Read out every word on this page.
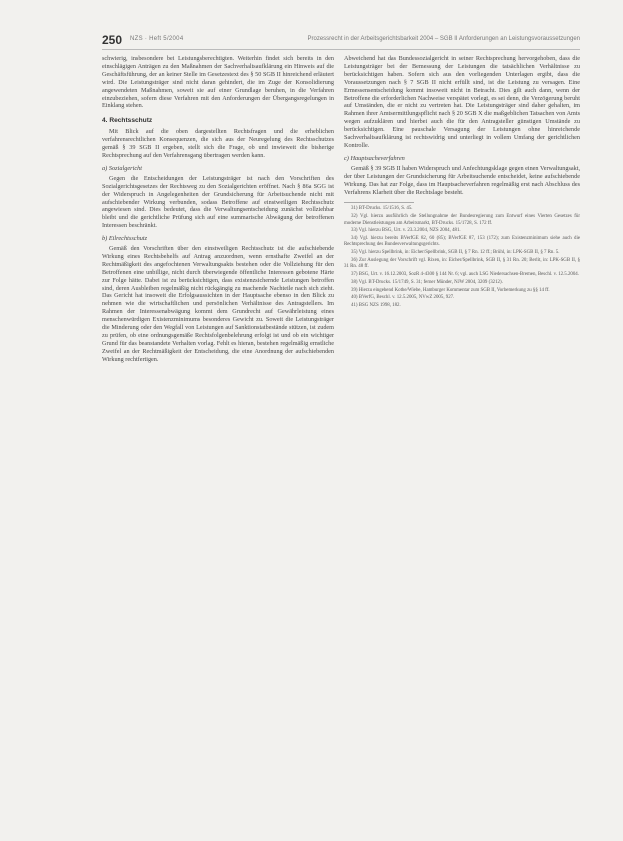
250 NZS · Heft 5/2004	Prozessrecht in der Arbeitsgerichtsbarkeit 2004 – SGB II Anforderungen an Leistungsvoraussetzungen

schwierig, insbesondere bei Leistungsberechtigten. Weiterhin findet sich bereits in den einschlägigen Anträgen zu den Maßnahmen der Sachverhaltsaufklärung ein Hinweis auf die Geschäftsführung, der an keiner Stelle im Gesetzestext des § 50 SGB II hinreichend erläutert wird. Die Leistungsträger sind nicht daran gehindert, die im Zuge der Konsolidierung angewendeten Maßnahmen, soweit sie auf einer Grundlage beruhen, in die Verfahren einzubeziehen, sofern diese Verfahren mit den Anforderungen der Übergangsregelungen in Einklang stehen.

4. Rechtsschutz

Mit Blick auf die oben dargestellten Rechtsfragen und die erheblichen verfahrensrechtlichen Konsequenzen, die sich aus der Neuregelung des Rechtsschutzes gemäß § 39 SGB II ergeben, stellt sich die Frage, ob und inwieweit die bisherige Rechtsprechung auf den Verfahrensgang übertragen werden kann.

a) Sozialgericht

Gegen die Entscheidungen der Leistungsträger ist nach den Vorschriften des Sozialgerichtsgesetzes der Rechtsweg zu den Sozialgerichten eröffnet. Nach § 86a SGG ist der Widerspruch in Angelegenheiten der Grundsicherung für Arbeitsuchende nicht mit aufschiebender Wirkung verbunden, sodass Betroffene auf einstweiligen Rechtsschutz angewiesen sind. Dies bedeutet, dass die Verwaltungsentscheidung zunächst vollziehbar bleibt und die gerichtliche Prüfung sich auf eine summarische Abwägung der betroffenen Interessen beschränkt.

b) Eilrechtsschutz

Gemäß den Vorschriften über den einstweiligen Rechtsschutz ist die aufschiebende Wirkung eines Rechtsbehelfs auf Antrag anzuordnen, wenn ernsthafte Zweifel an der Rechtmäßigkeit des angefochtenen Verwaltungsakts bestehen oder die Vollziehung für den Betroffenen eine unbillige, nicht durch überwiegende öffentliche Interessen gebotene Härte zur Folge hätte. Dabei ist zu berücksichtigen, dass existenzsichernde Leistungen betroffen sind, deren Ausbleiben regelmäßig nicht rückgängig zu machende Nachteile nach sich zieht. Das Gericht hat insoweit die Erfolgsaussichten in der Hauptsache ebenso in den Blick zu nehmen wie die wirtschaftlichen und persönlichen Verhältnisse des Antragstellers. Im Rahmen der Interessenabwägung kommt dem Grundrecht auf Gewährleistung eines menschenwürdigen Existenzminimums besonderes Gewicht zu. Soweit die Leistungsträger die Minderung oder den Wegfall von Leistungen auf Sanktionstatbestände stützen, ist zudem zu prüfen, ob eine ordnungsgemäße Rechtsfolgenbelehrung erfolgt ist und ob ein wichtiger Grund für das beanstandete Verhalten vorlag. Fehlt es hieran, bestehen regelmäßig ernstliche Zweifel an der Rechtmäßigkeit der Entscheidung, die eine Anordnung der aufschiebenden Wirkung rechtfertigen.

Abweichend hat das Bundessozialgericht in seiner Rechtsprechung hervorgehoben, dass die Leistungsträger bei der Bemessung der Leistungen die tatsächlichen Verhältnisse zu berücksichtigen haben. Sofern sich aus den vorliegenden Unterlagen ergibt, dass die Voraussetzungen nach § 7 SGB II nicht erfüllt sind, ist die Leistung zu versagen. Eine Ermessensentscheidung kommt insoweit nicht in Betracht. Dies gilt auch dann, wenn der Betroffene die erforderlichen Nachweise verspätet vorlegt, es sei denn, die Verzögerung beruht auf Umständen, die er nicht zu vertreten hat. Die Leistungsträger sind daher gehalten, im Rahmen ihrer Amtsermittlungspflicht nach § 20 SGB X die maßgeblichen Tatsachen von Amts wegen aufzuklären und hierbei auch die für den Antragsteller günstigen Umstände zu berücksichtigen. Eine pauschale Versagung der Leistungen ohne hinreichende Sachverhaltsaufklärung ist rechtswidrig und unterliegt in vollem Umfang der gerichtlichen Kontrolle.

c) Hauptsacheverfahren

Gemäß § 39 SGB II haben Widerspruch und Anfechtungsklage gegen einen Verwaltungsakt, der über Leistungen der Grundsicherung für Arbeitsuchende entscheidet, keine aufschiebende Wirkung. Das hat zur Folge, dass im Hauptsacheverfahren regelmäßig erst nach Abschluss des Verfahrens Klarheit über die Rechtslage besteht.

31) BT-Drucks. 15/1516, S. 45.

32) Vgl. hierzu ausführlich die Stellungnahme der Bundesregierung zum Entwurf eines Vierten Gesetzes für moderne Dienstleistungen am Arbeitsmarkt, BT-Drucks. 15/1728, S. 172 ff.

33) Vgl. hierzu BSG, Urt. v. 23.3.2004, NZS 2004, 481.

34) Vgl. hierzu bereits BVerfGE 82, 60 (85); BVerfGE 87, 153 (172); zum Existenzminimum siehe auch die Rechtsprechung des Bundesverwaltungsgerichts.

35) Vgl. hierzu Spellbrink, in: Eicher/Spellbrink, SGB II, § 7 Rn. 12 ff.; Brühl, in: LPK-SGB II, § 7 Rn. 5.

36) Zur Auslegung der Vorschrift vgl. Rixen, in: Eicher/Spellbrink, SGB II, § 31 Rn. 20; Berlit, in: LPK-SGB II, § 31 Rn. 48 ff.

37) BSG, Urt. v. 16.12.2003, SozR 4-4300 § 144 Nr. 6; vgl. auch LSG Niedersachsen-Bremen, Beschl. v. 12.5.2004.

38) Vgl. BT-Drucks. 15/1749, S. 31; ferner Münder, NJW 2004, 3209 (3212).

39) Hierzu eingehend Kothe/Wiebe, Hamburger Kommentar zum SGB II, Vorbemerkung zu §§ 14 ff.

40) BVerfG, Beschl. v. 12.5.2005, NVwZ 2005, 927.

41) BSG NZS 1998, 182.
